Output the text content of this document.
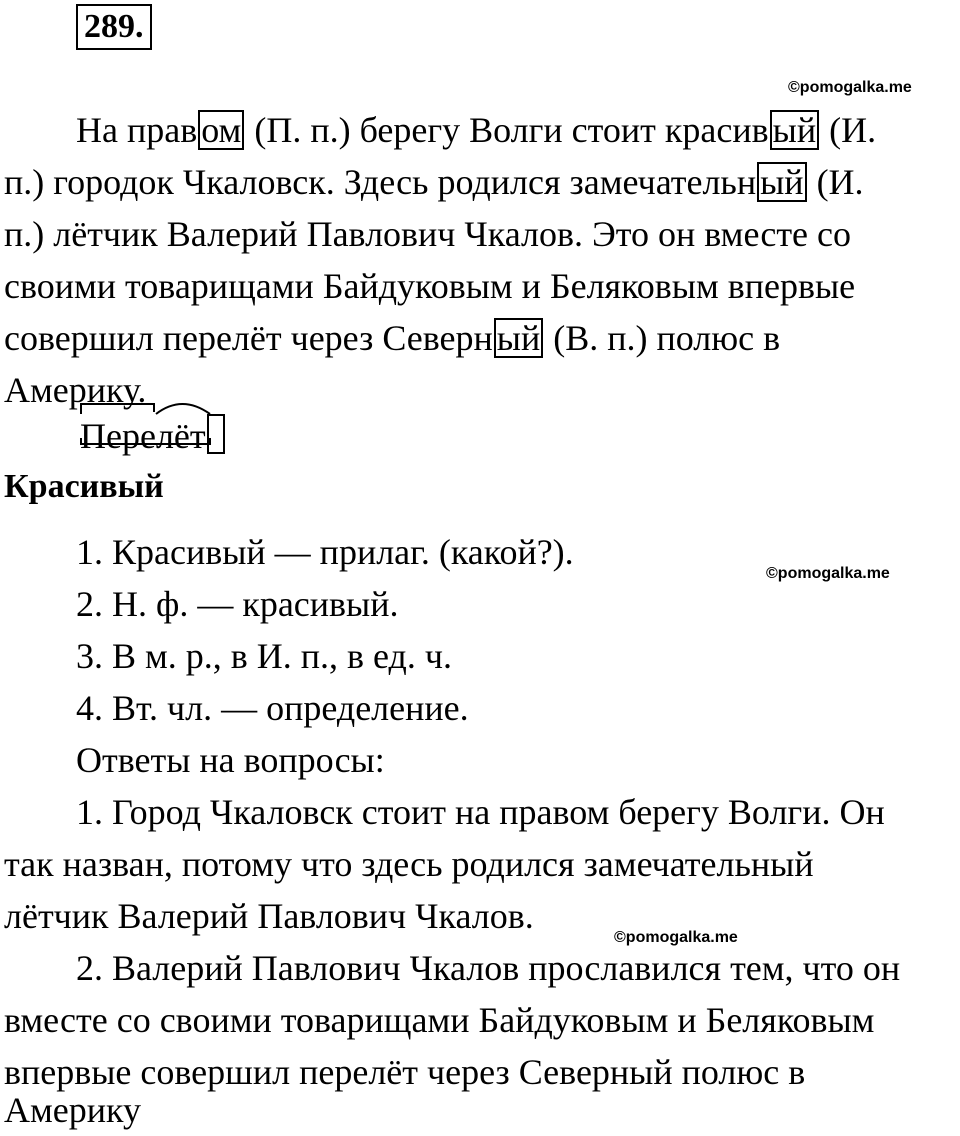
289.
©pomogalka.me
©pomogalka.me
©pomogalka.me
На прав ом (П. п.) берегу Волги стоит красив ый (И.
п.) городок Чкаловск. Здесь родился замечательн ый (И.
п.) лётчик Валерий Павлович Чкалов. Это он вместе со
своими товарищами Байдуковым и Беляковым впервые
совершил перелёт через Северн ый (В. п.) полюс в
Америку.
Перелёт
Красивый
1. Красивый — прилаг. (какой?).
2. Н. ф. — красивый.
3. В м. р., в И. п., в ед. ч.
4. Вт. чл. — определение.
Ответы на вопросы:
1. Город Чкаловск стоит на правом берегу Волги. Он
так назван, потому что здесь родился замечательный
лётчик Валерий Павлович Чкалов.
2. Валерий Павлович Чкалов прославился тем, что он
вместе со своими товарищами Байдуковым и Беляковым
впервые совершил перелёт через Северный полюс в
Америку
